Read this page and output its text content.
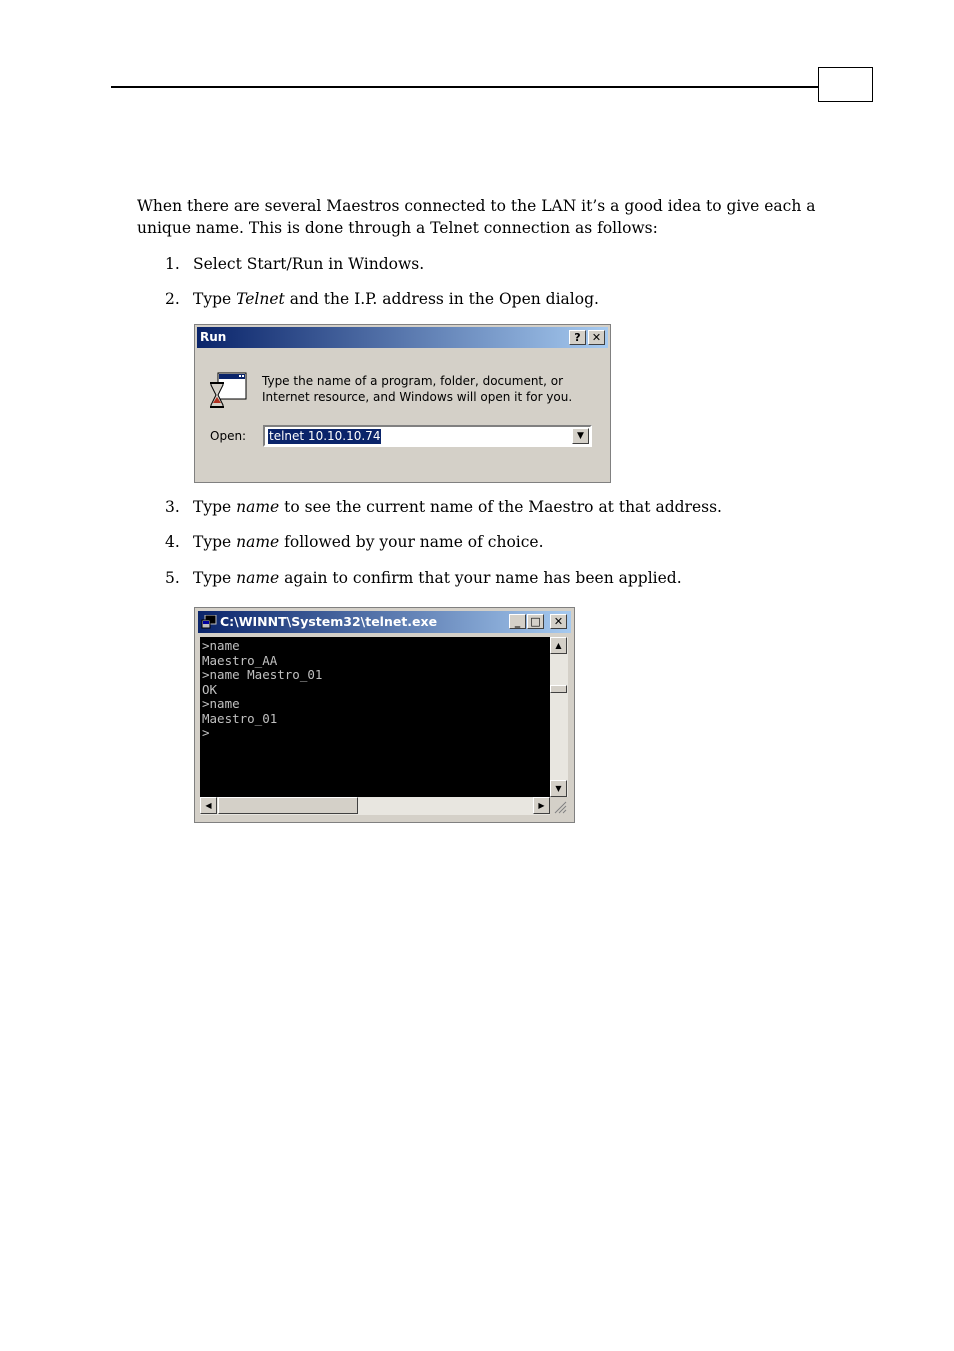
When there are several Maestros connected to the LAN it’s a good idea to give each a unique name. This is done through a Telnet connection as follows:

1. Select Start/Run in Windows.
2. Type Telnet and the I.P. address in the Open dialog.
Run	?	✕
Type the name of a program, folder, document, or
Internet resource, and Windows will open it for you.
Open: telnet 10.10.10.74	▼
3. Type name to see the current name of the Maestro at that address.
4. Type name followed by your name of choice.
5. Type name again to confirm that your name has been applied.
C:\WINNT\System32\telnet.exe	_ □	✕
>name
Maestro_AA
>name Maestro_01
OK
>name
Maestro_01
>
▲
▼
◀	▶
